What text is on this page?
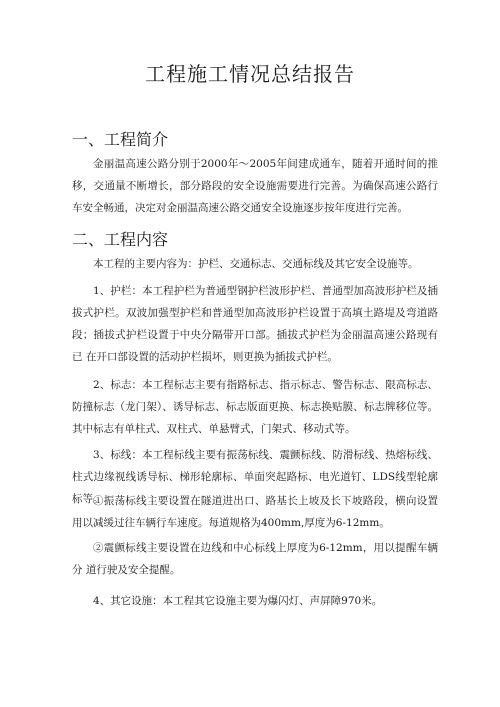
工程施工情况总结报告
一、工程简介
金丽温高速公路分别于2000年～2005年间建成通车，随着开通时间的推移，交通量不断增长，部分路段的安全设施需要进行完善。为确保高速公路行车安全畅通，决定对金丽温高速公路交通安全设施逐步按年度进行完善。
二、工程内容
本工程的主要内容为：护栏、交通标志、交通标线及其它安全设施等。
1、护栏：本工程护栏为普通型钢护栏波形护栏、普通型加高波形护栏及插 拔式护栏。双波加强型护栏和普通型加高波形护栏设置于高填土路堤及弯道路 段；插拔式护栏设置于中央分隔带开口部。插拔式护栏为金丽温高速公路现有已 在开口部设置的活动护栏损坏，则更换为插拔式护栏。
2、标志：本工程标志主要有指路标志、指示标志、警告标志、限高标志、 防撞标志（龙门架）、诱导标志、标志版面更换、标志换贴膜、标志牌移位等。 其中标志有单柱式、双柱式、单悬臂式，门架式、移动式等。
3、标线：本工程标线主要有振荡标线、震颤标线、防滑标线、热熔标线、 柱式边缘视线诱导标、梯形轮廓标、单面突起路标、电光道钉、LDS线型轮廓 标等。
①振荡标线主要设置在隧道进出口、路基长上坡及长下坡路段，横向设置用以减缓过往车辆行车速度。每道规格为400mm,厚度为6-12mm。
②震颤标线主要设置在边线和中心标线上厚度为6-12mm，用以提醒车辆分 道行驶及安全提醒。
4、其它设施：本工程其它设施主要为爆闪灯、声屏障970米。
